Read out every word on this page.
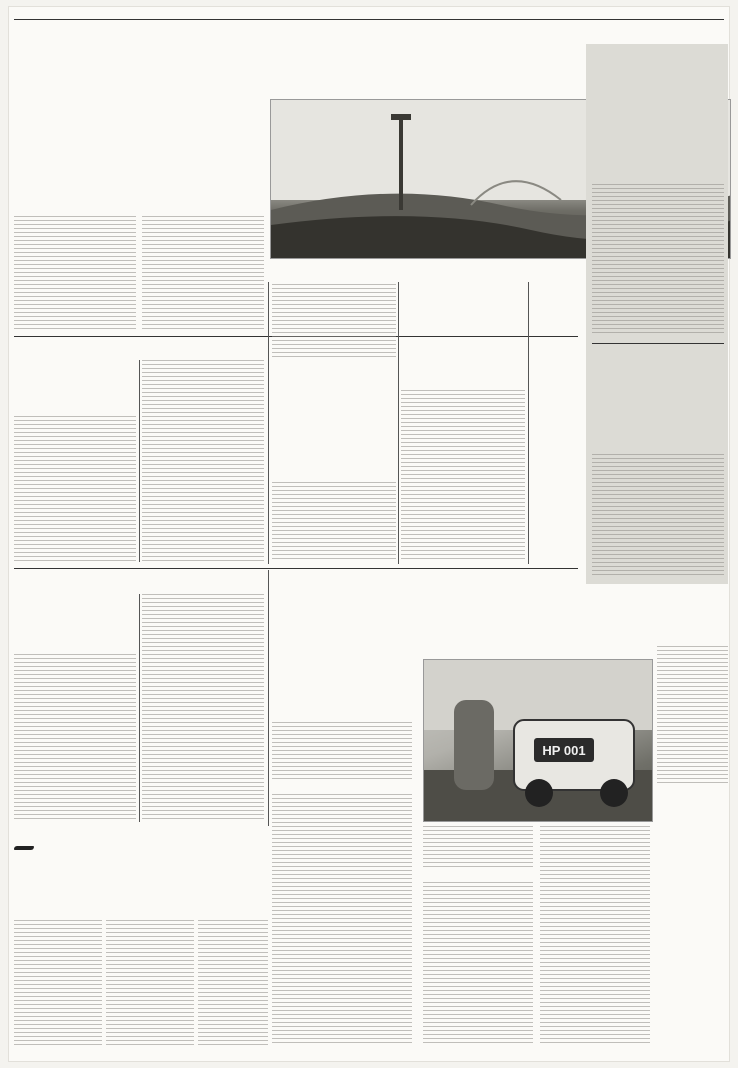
HP 001
